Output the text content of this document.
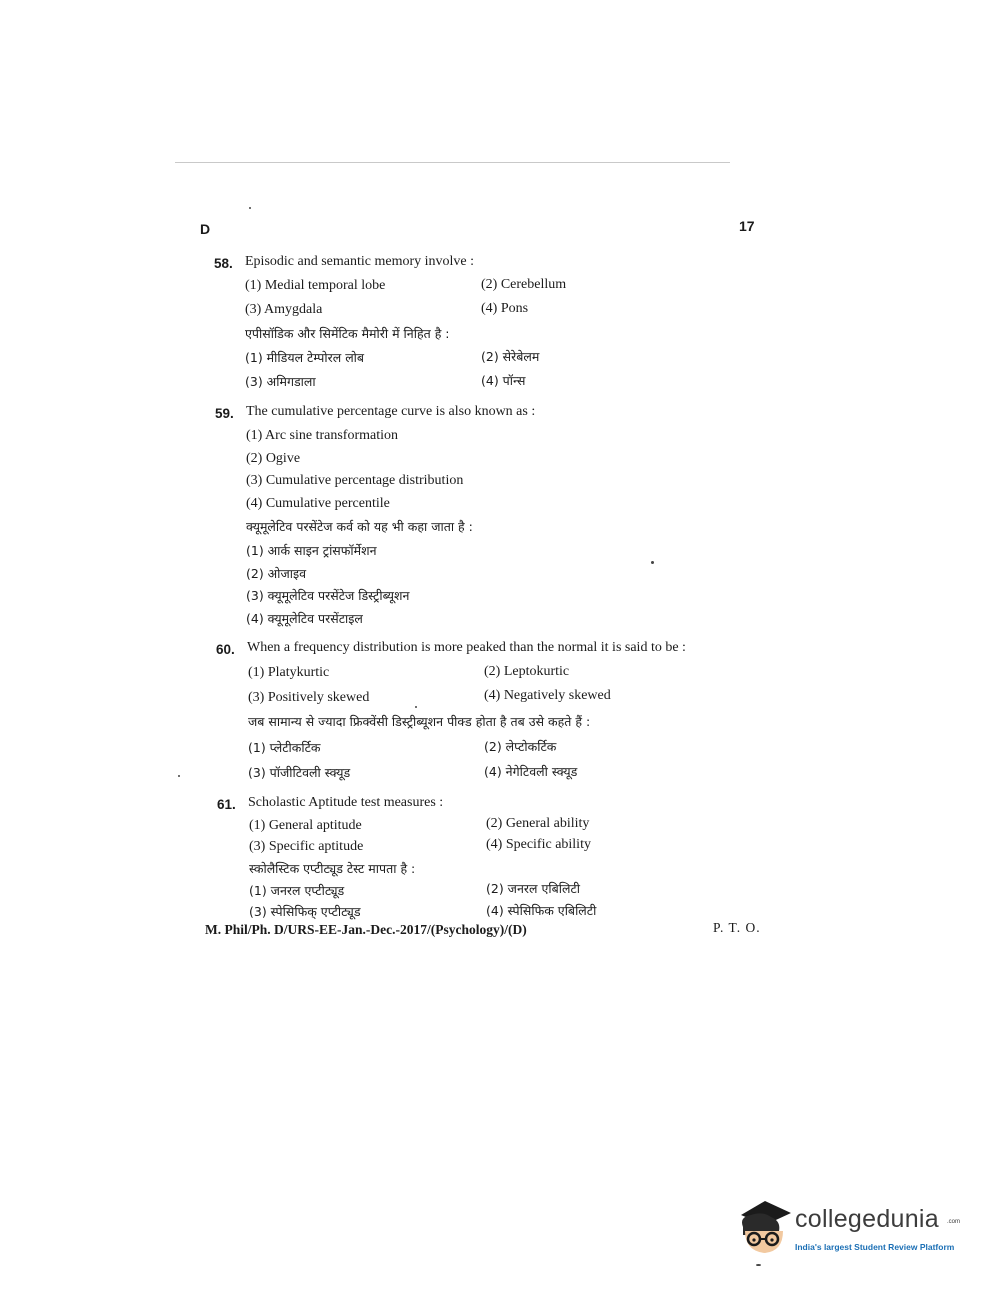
D	17
58. Episodic and semantic memory involve :
(1) Medial temporal lobe	(2) Cerebellum
(3) Amygdala	(4) Pons
एपीसॉडिक और सिमेंटिक मैमोरी में निहित है :
(1) मीडियल टेम्पोरल लोब	(2) सेरेबेलम
(3) अमिगडाला	(4) पॉन्स
59. The cumulative percentage curve is also known as :
(1) Arc sine transformation
(2) Ogive
(3) Cumulative percentage distribution
(4) Cumulative percentile
क्यूमूलेटिव परसेंटेज कर्व को यह भी कहा जाता है :
(1) आर्क साइन ट्रांसफॉर्मेशन
(2) ओजाइव
(3) क्यूमूलेटिव परसेंटेज डिस्ट्रीब्यूशन
(4) क्यूमूलेटिव परसेंटाइल
60. When a frequency distribution is more peaked than the normal it is said to be :
(1) Platykurtic	(2) Leptokurtic
(3) Positively skewed	(4) Negatively skewed
जब सामान्य से ज्यादा फ्रिक्वेंसी डिस्ट्रीब्यूशन पीक्ड होता है तब उसे कहते हैं :
(1) प्लेटीकर्टिक	(2) लेप्टोकर्टिक
(3) पॉजीटिवली स्क्यूड	(4) नेगेटिवली स्क्यूड
61. Scholastic Aptitude test measures :
(1) General aptitude	(2) General ability
(3) Specific aptitude	(4) Specific ability
स्कोलैस्टिक एप्टीट्यूड टेस्ट मापता है :
(1) जनरल एप्टीट्यूड	(2) जनरल एबिलिटी
(3) स्पेसिफिक् एप्टीट्यूड	(4) स्पेसिफिक एबिलिटी
M. Phil/Ph. D/URS-EE-Jan.-Dec.-2017/(Psychology)/(D)	P. T. O.
collegedunia .com
India's largest Student Review Platform
